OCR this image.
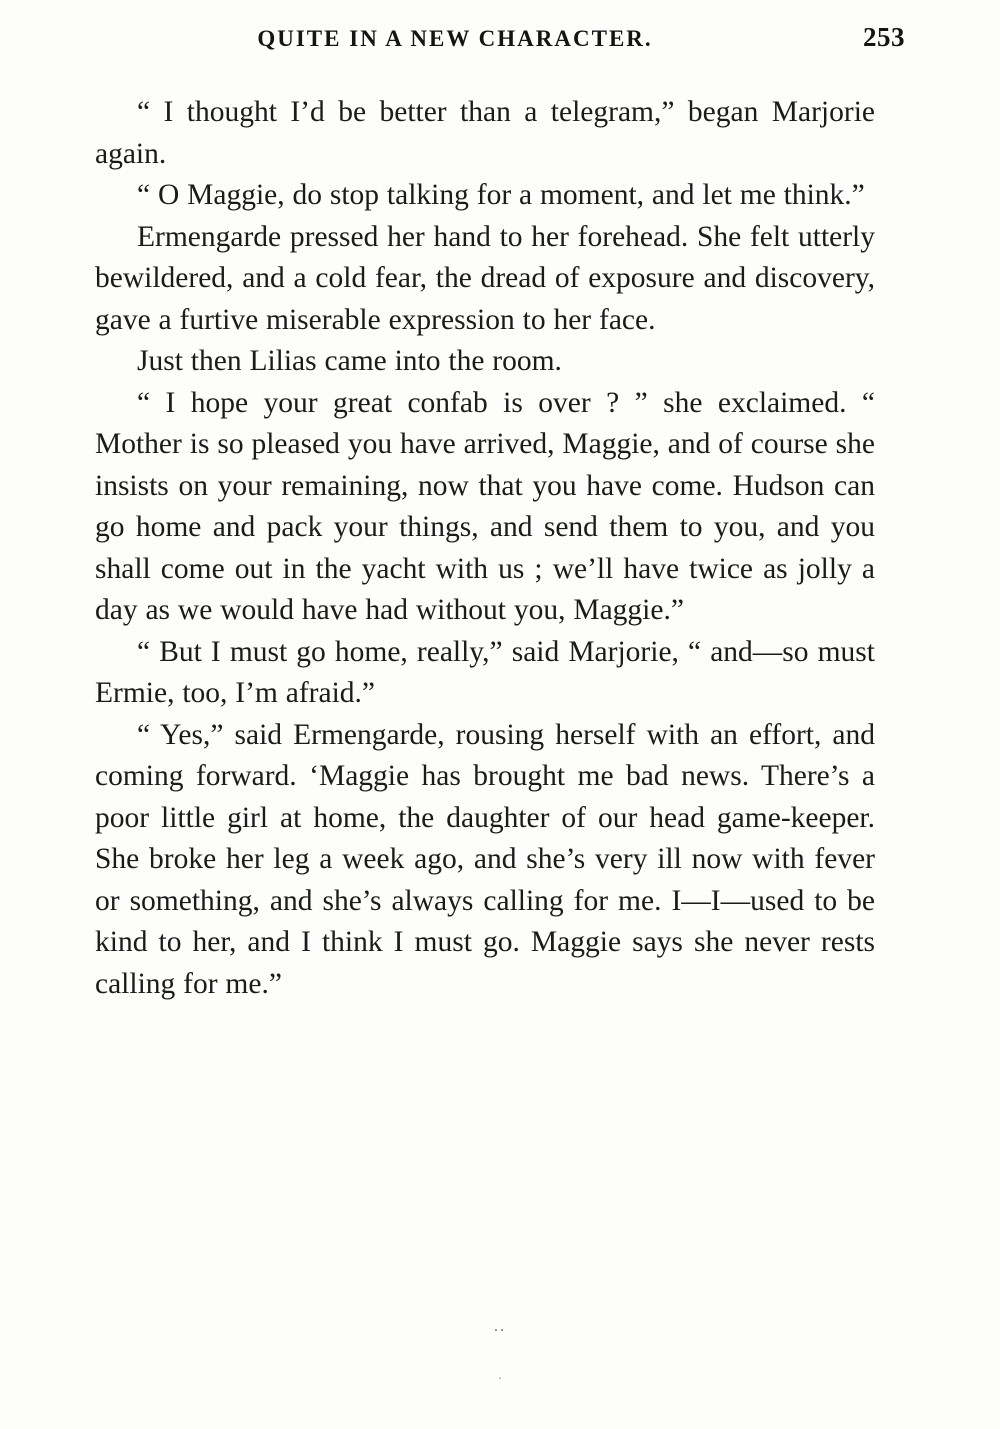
QUITE IN A NEW CHARACTER.	253

“ I thought I’d be better than a telegram,” began Marjorie again.

“ O Maggie, do stop talking for a moment, and let me think.”

Ermengarde pressed her hand to her forehead. She felt utterly bewildered, and a cold fear, the dread of exposure and discovery, gave a furtive miserable expression to her face.

Just then Lilias came into the room.

“ I hope your great confab is over ? ” she exclaimed. “ Mother is so pleased you have arrived, Maggie, and of course she insists on your remaining, now that you have come. Hudson can go home and pack your things, and send them to you, and you shall come out in the yacht with us ; we’ll have twice as jolly a day as we would have had without you, Maggie.”

“ But I must go home, really,” said Marjorie, “ and—so must Ermie, too, I’m afraid.”

“ Yes,” said Ermengarde, rousing herself with an effort, and coming forward. ‘Maggie has brought me bad news. There’s a poor little girl at home, the daughter of our head game-keeper. She broke her leg a week ago, and she’s very ill now with fever or something, and she’s always calling for me. I—I—used to be kind to her, and I think I must go. Maggie says she never rests calling for me.”

..
.
